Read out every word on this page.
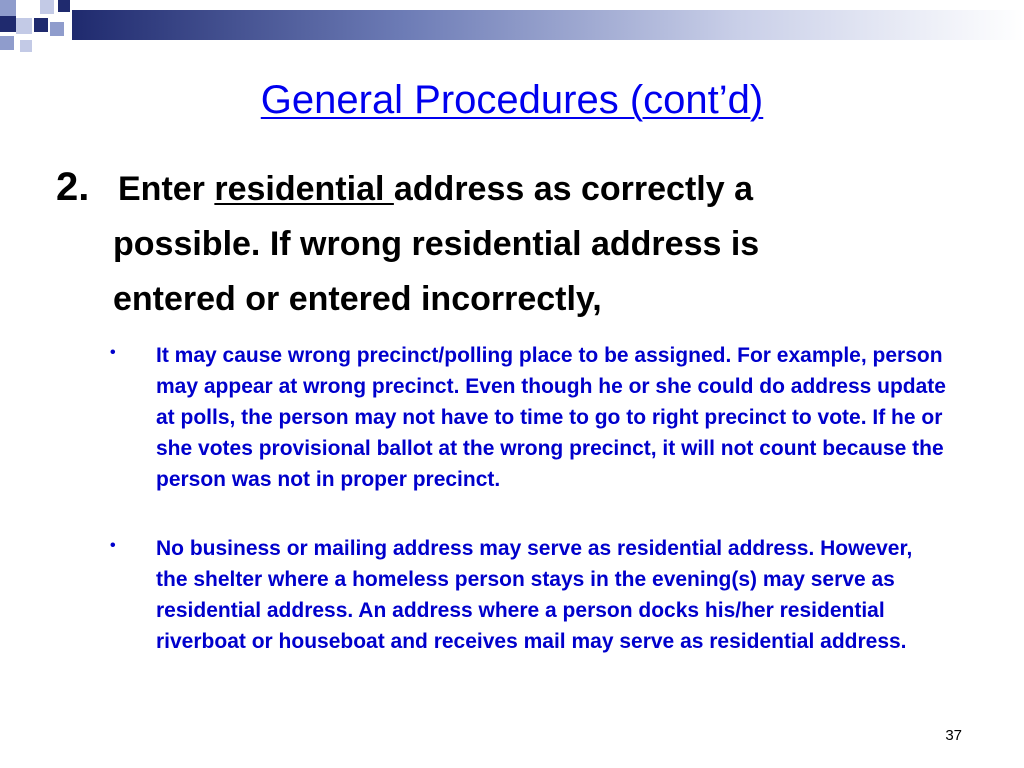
General Procedures (cont’d)
2. Enter residential address as correctly a
possible. If wrong residential address is
entered or entered incorrectly,
•	It may cause wrong precinct/polling place to be assigned. For example, person may appear at wrong precinct. Even though he or she could do address update at polls, the person may not have to time to go to right precinct to vote. If he or she votes provisional ballot at the wrong precinct, it will not count because the person was not in proper precinct.
•	No business or mailing address may serve as residential address. However, the shelter where a homeless person stays in the evening(s) may serve as residential address. An address where a person docks his/her residential riverboat or houseboat and receives mail may serve as residential address.
37
